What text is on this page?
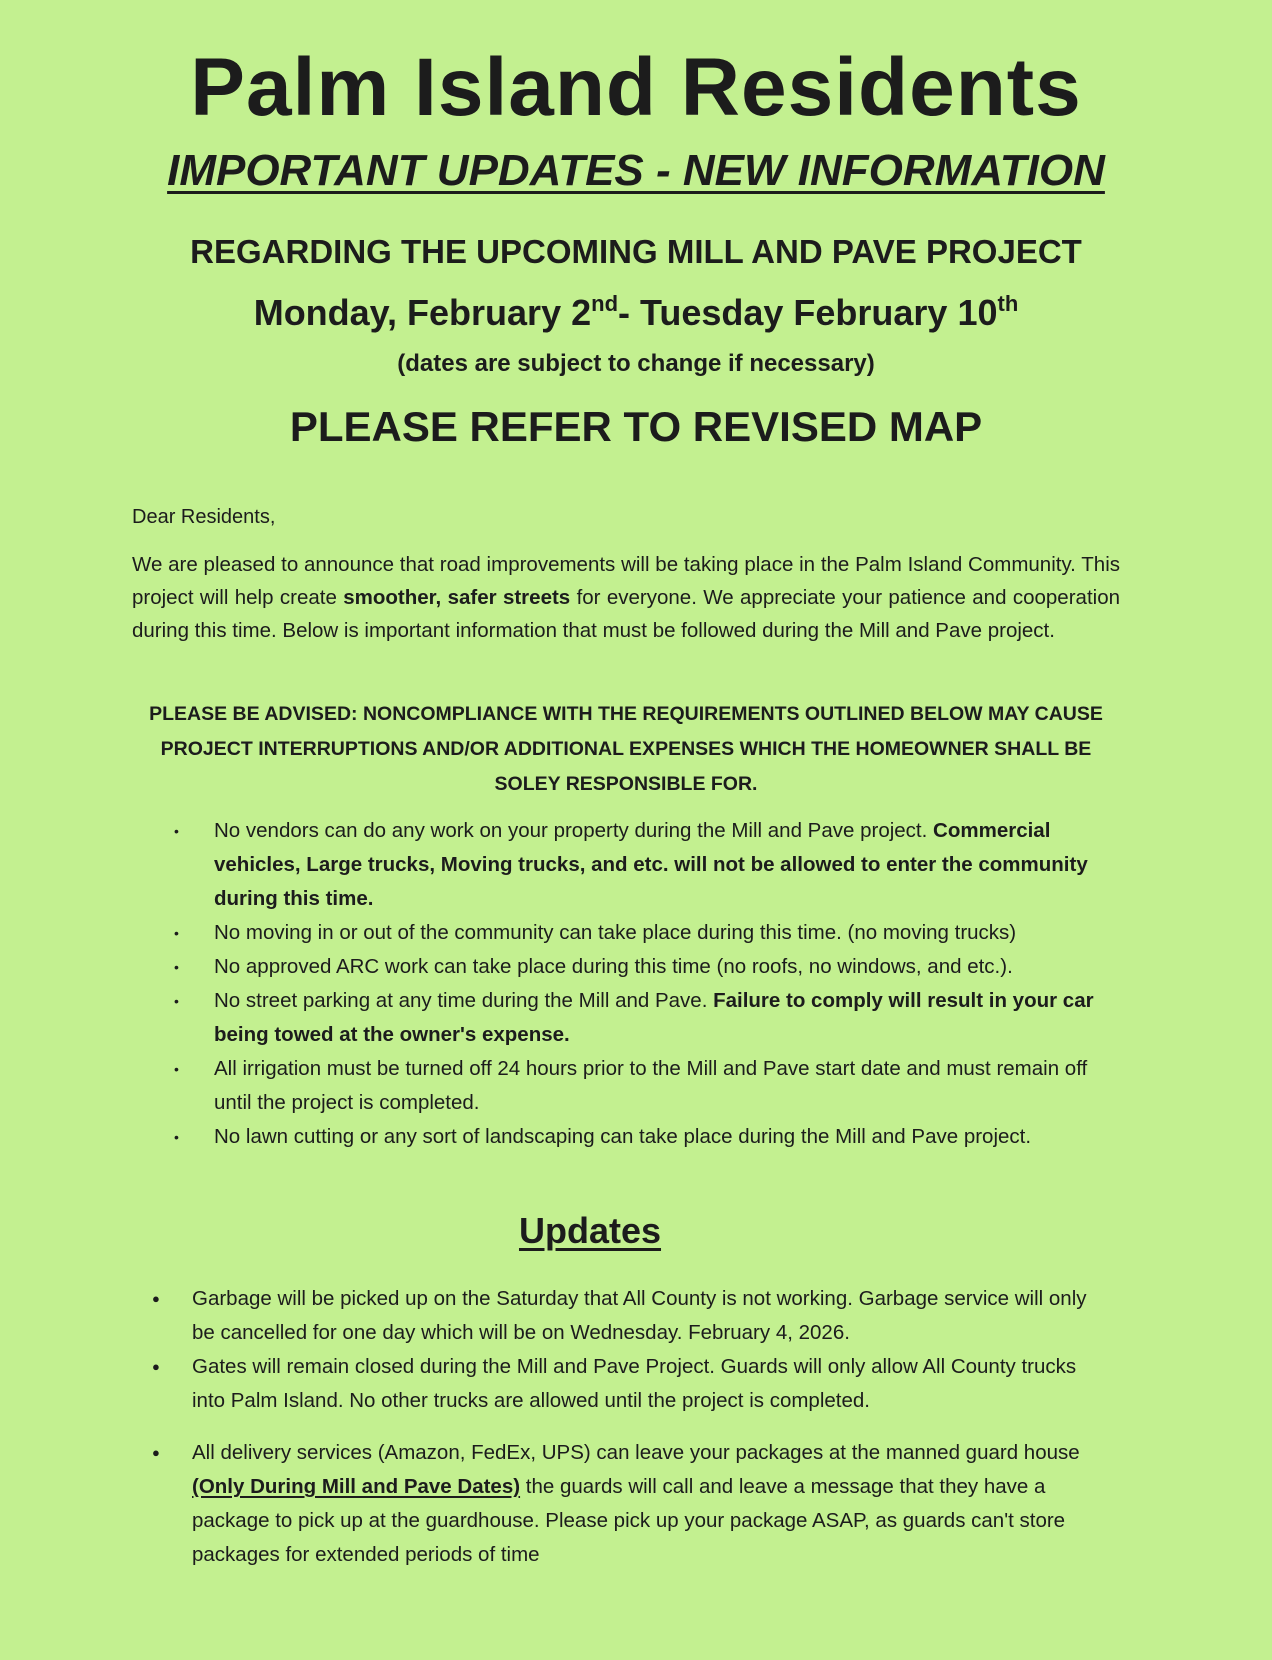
Palm Island Residents
IMPORTANT UPDATES - NEW INFORMATION
REGARDING THE UPCOMING MILL AND PAVE PROJECT
Monday, February 2nd- Tuesday February 10th
(dates are subject to change if necessary)
PLEASE REFER TO REVISED MAP
Dear Residents,
We are pleased to announce that road improvements will be taking place in the Palm Island Community. This project will help create smoother, safer streets for everyone. We appreciate your patience and cooperation during this time. Below is important information that must be followed during the Mill and Pave project.
PLEASE BE ADVISED: NONCOMPLIANCE WITH THE REQUIREMENTS OUTLINED BELOW MAY CAUSE PROJECT INTERRUPTIONS AND/OR ADDITIONAL EXPENSES WHICH THE HOMEOWNER SHALL BE SOLEY RESPONSIBLE FOR.
• No vendors can do any work on your property during the Mill and Pave project. Commercial vehicles, Large trucks, Moving trucks, and etc. will not be allowed to enter the community during this time.
• No moving in or out of the community can take place during this time. (no moving trucks)
• No approved ARC work can take place during this time (no roofs, no windows, and etc.).
• No street parking at any time during the Mill and Pave. Failure to comply will result in your car being towed at the owner's expense.
• All irrigation must be turned off 24 hours prior to the Mill and Pave start date and must remain off until the project is completed.
• No lawn cutting or any sort of landscaping can take place during the Mill and Pave project.
Updates
● Garbage will be picked up on the Saturday that All County is not working. Garbage service will only be cancelled for one day which will be on Wednesday. February 4, 2026.
● Gates will remain closed during the Mill and Pave Project. Guards will only allow All County trucks into Palm Island. No other trucks are allowed until the project is completed.
● All delivery services (Amazon, FedEx, UPS) can leave your packages at the manned guard house (Only During Mill and Pave Dates) the guards will call and leave a message that they have a package to pick up at the guardhouse. Please pick up your package ASAP, as guards can't store packages for extended periods of time
